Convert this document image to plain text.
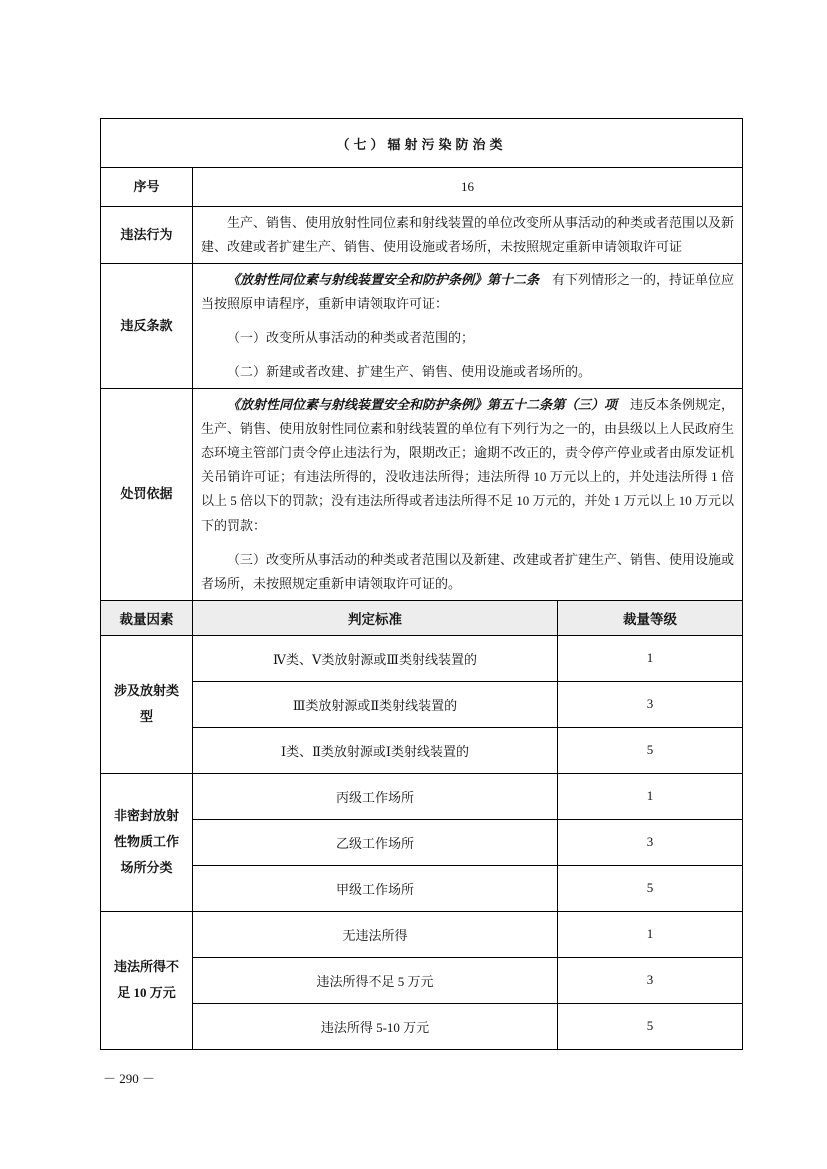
（七）辐射污染防治类		
序号	16	
违法行为	生产、销售、使用放射性同位素和射线装置的单位改变所从事活动的种类或者范围以及新建、改建或者扩建生产、销售、使用设施或者场所，未按照规定重新申请领取许可证	

违反条款	《放射性同位素与射线装置安全和防护条例》第十二条　有下列情形之一的，持证单位应当按照原申请程序，重新申请领取许可证：

（一）改变所从事活动的种类或者范围的；

（二）新建或者改建、扩建生产、销售、使用设施或者场所的。	

处罚依据	《放射性同位素与射线装置安全和防护条例》第五十二条第（三）项　违反本条例规定，生产、销售、使用放射性同位素和射线装置的单位有下列行为之一的，由县级以上人民政府生态环境主管部门责令停止违法行为，限期改正；逾期不改正的，责令停产停业或者由原发证机关吊销许可证；有违法所得的，没收违法所得；违法所得 10 万元以上的，并处违法所得 1 倍以上 5 倍以下的罚款；没有违法所得或者违法所得不足 10 万元的，并处 1 万元以上 10 万元以下的罚款：

（三）改变所从事活动的种类或者范围以及新建、改建或者扩建生产、销售、使用设施或者场所，未按照规定重新申请领取许可证的。	

裁量因素	判定标准	裁量等级
涉及放射类型	Ⅳ类、Ⅴ类放射源或Ⅲ类射线装置的	1
	Ⅲ类放射源或Ⅱ类射线装置的	3
	Ⅰ类、Ⅱ类放射源或Ⅰ类射线装置的	5
非密封放射性物质工作场所分类	丙级工作场所	1
	乙级工作场所	3
	甲级工作场所	5
违法所得不足 10 万元	无违法所得	1
	违法所得不足 5 万元	3
	违法所得 5-10 万元	5
－ 290 －
